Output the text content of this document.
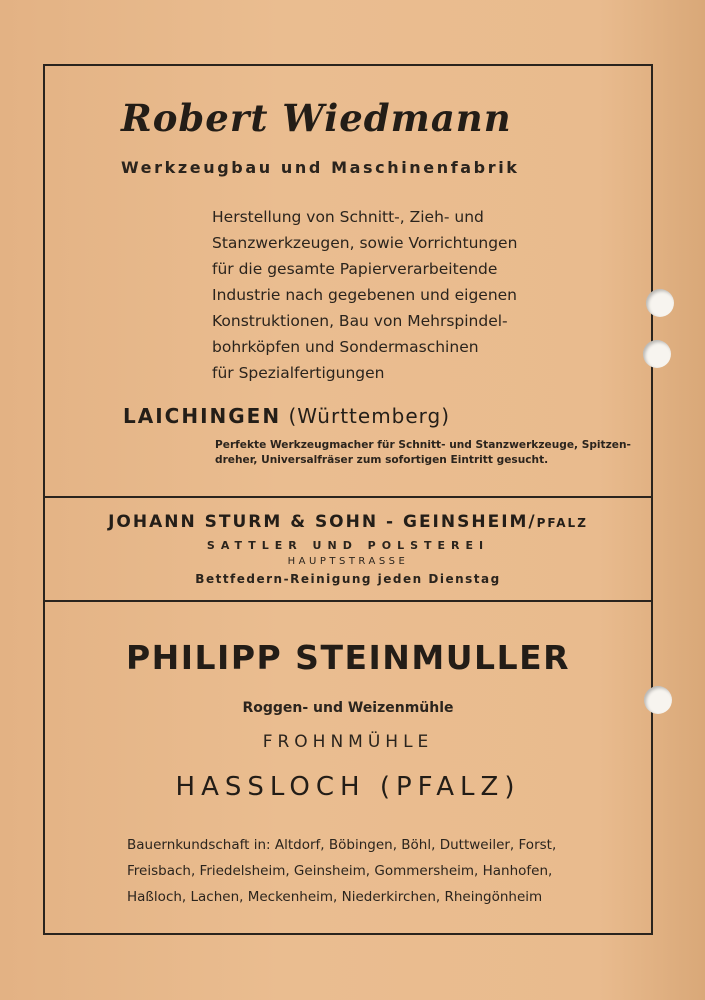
Robert Wiedmann
Werkzeugbau und Maschinenfabrik
Herstellung von Schnitt-, Zieh- und
Stanzwerkzeugen, sowie Vorrichtungen
für die gesamte Papierverarbeitende
Industrie nach gegebenen und eigenen
Konstruktionen, Bau von Mehrspindel-
bohrköpfen und Sondermaschinen
für Spezialfertigungen
LAICHINGEN (Württemberg)
Perfekte Werkzeugmacher für Schnitt- und Stanzwerkzeuge, Spitzen-
dreher, Universalfräser zum sofortigen Eintritt gesucht.
JOHANN STURM & SOHN - GEINSHEIM/PFALZ
SATTLER UND POLSTEREI
HAUPTSTRASSE
Bettfedern-Reinigung jeden Dienstag
PHILIPP STEINMULLER
Roggen- und Weizenmühle
FROHNMÜHLE
HASSLOCH (PFALZ)
Bauernkundschaft in: Altdorf, Böbingen, Böhl, Duttweiler, Forst,
Freisbach, Friedelsheim, Geinsheim, Gommersheim, Hanhofen,
Haßloch, Lachen, Meckenheim, Niederkirchen, Rheingönheim
